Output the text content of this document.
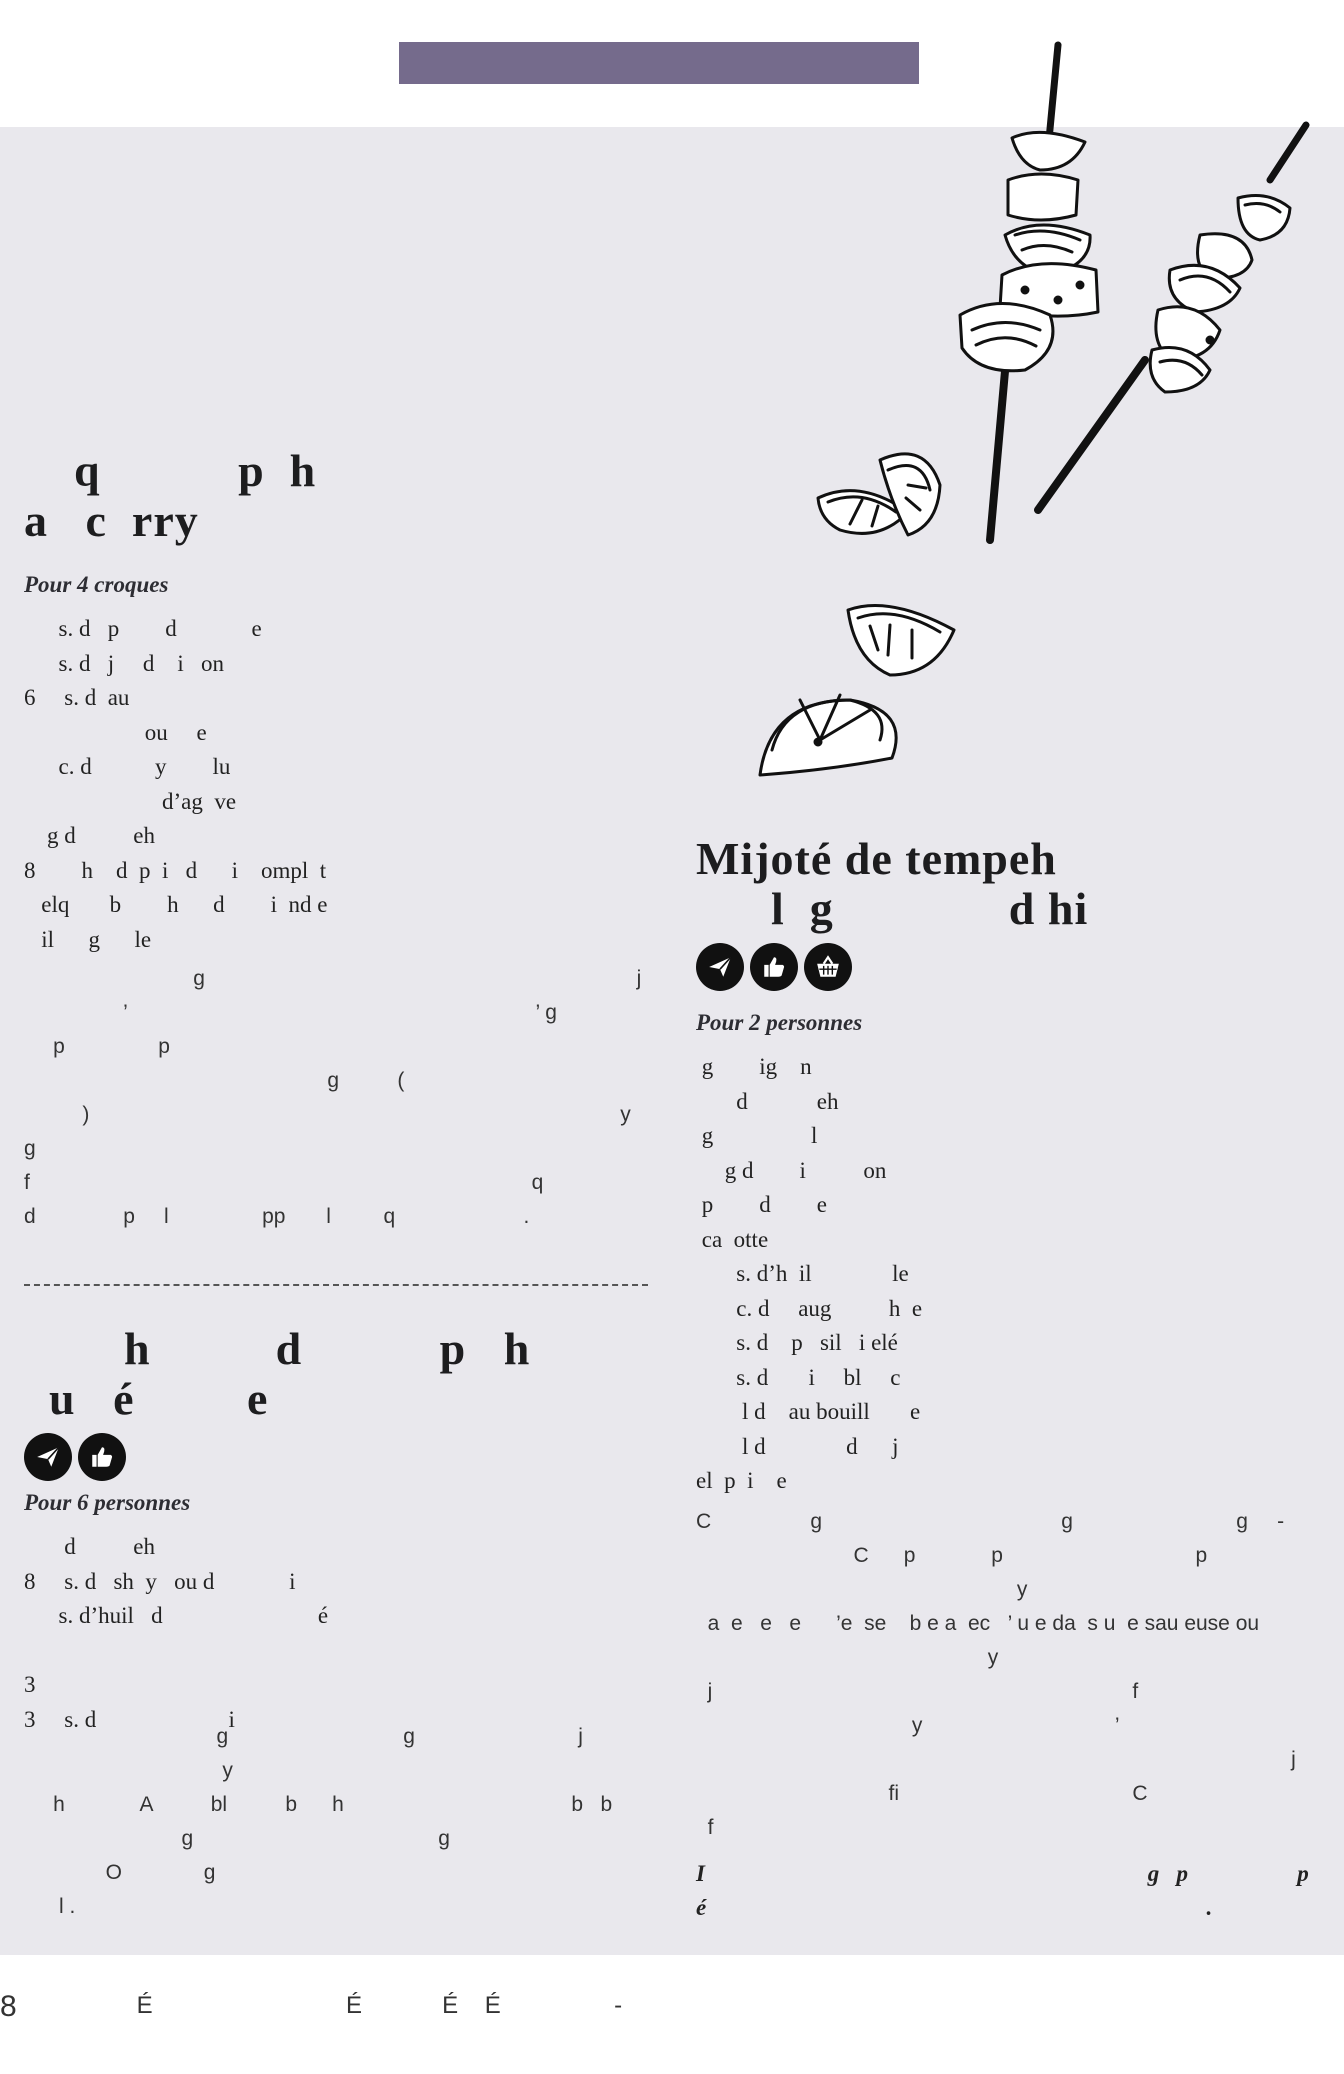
q           p  h
a   c  rry
Pour 4 croques
s. d   p        d             e
s. d   j     d    i   on
6     s. d  au
ou     e
c. d           y        lu
d’ag  ve
g d          eh
8        h    d  p  i   d      i    ompl  t
elq       b        h      d        i  nd e
il      g      le
g                                                                          j
’                                                                      ’ g
p                p
g          (
)                                                                                           y
g
f                                                                                      q
d               p     l                pp       l         q                      .
h          d           p   h
u   é         e
Pour 6 personnes
d          eh
8     s. d   sh  y   ou d             i
s. d’huil   d                           é
3
3     s. d                       i
g                              g                            j
y
h             A          bl          b      h                                       b   b
g                                          g
O              g
l .
Mijoté de tempeh
l  g              d hi
Pour 2 personnes
g        ig    n
d            eh
g                 l
g d        i          on
p        d        e
ca  otte
s. d’h  il              le
c. d     aug          h  e
s. d    p   sil   i elé
s. d       i     bl     c
l d    au bouill       e
l d              d      j
el  p  i    e
C                 g                                         g                            g     -
C      p             p                                 p
y
a  e   e   e      ’e  se    b e a  ec   ’ u e da  s u  e sau euse ou
y
j                                                                        f
y                                 ’
j
fi                                        C
f
I                                                                             g   p                   p
é                                                                                       .

8

	É                             É            É    É                 -
